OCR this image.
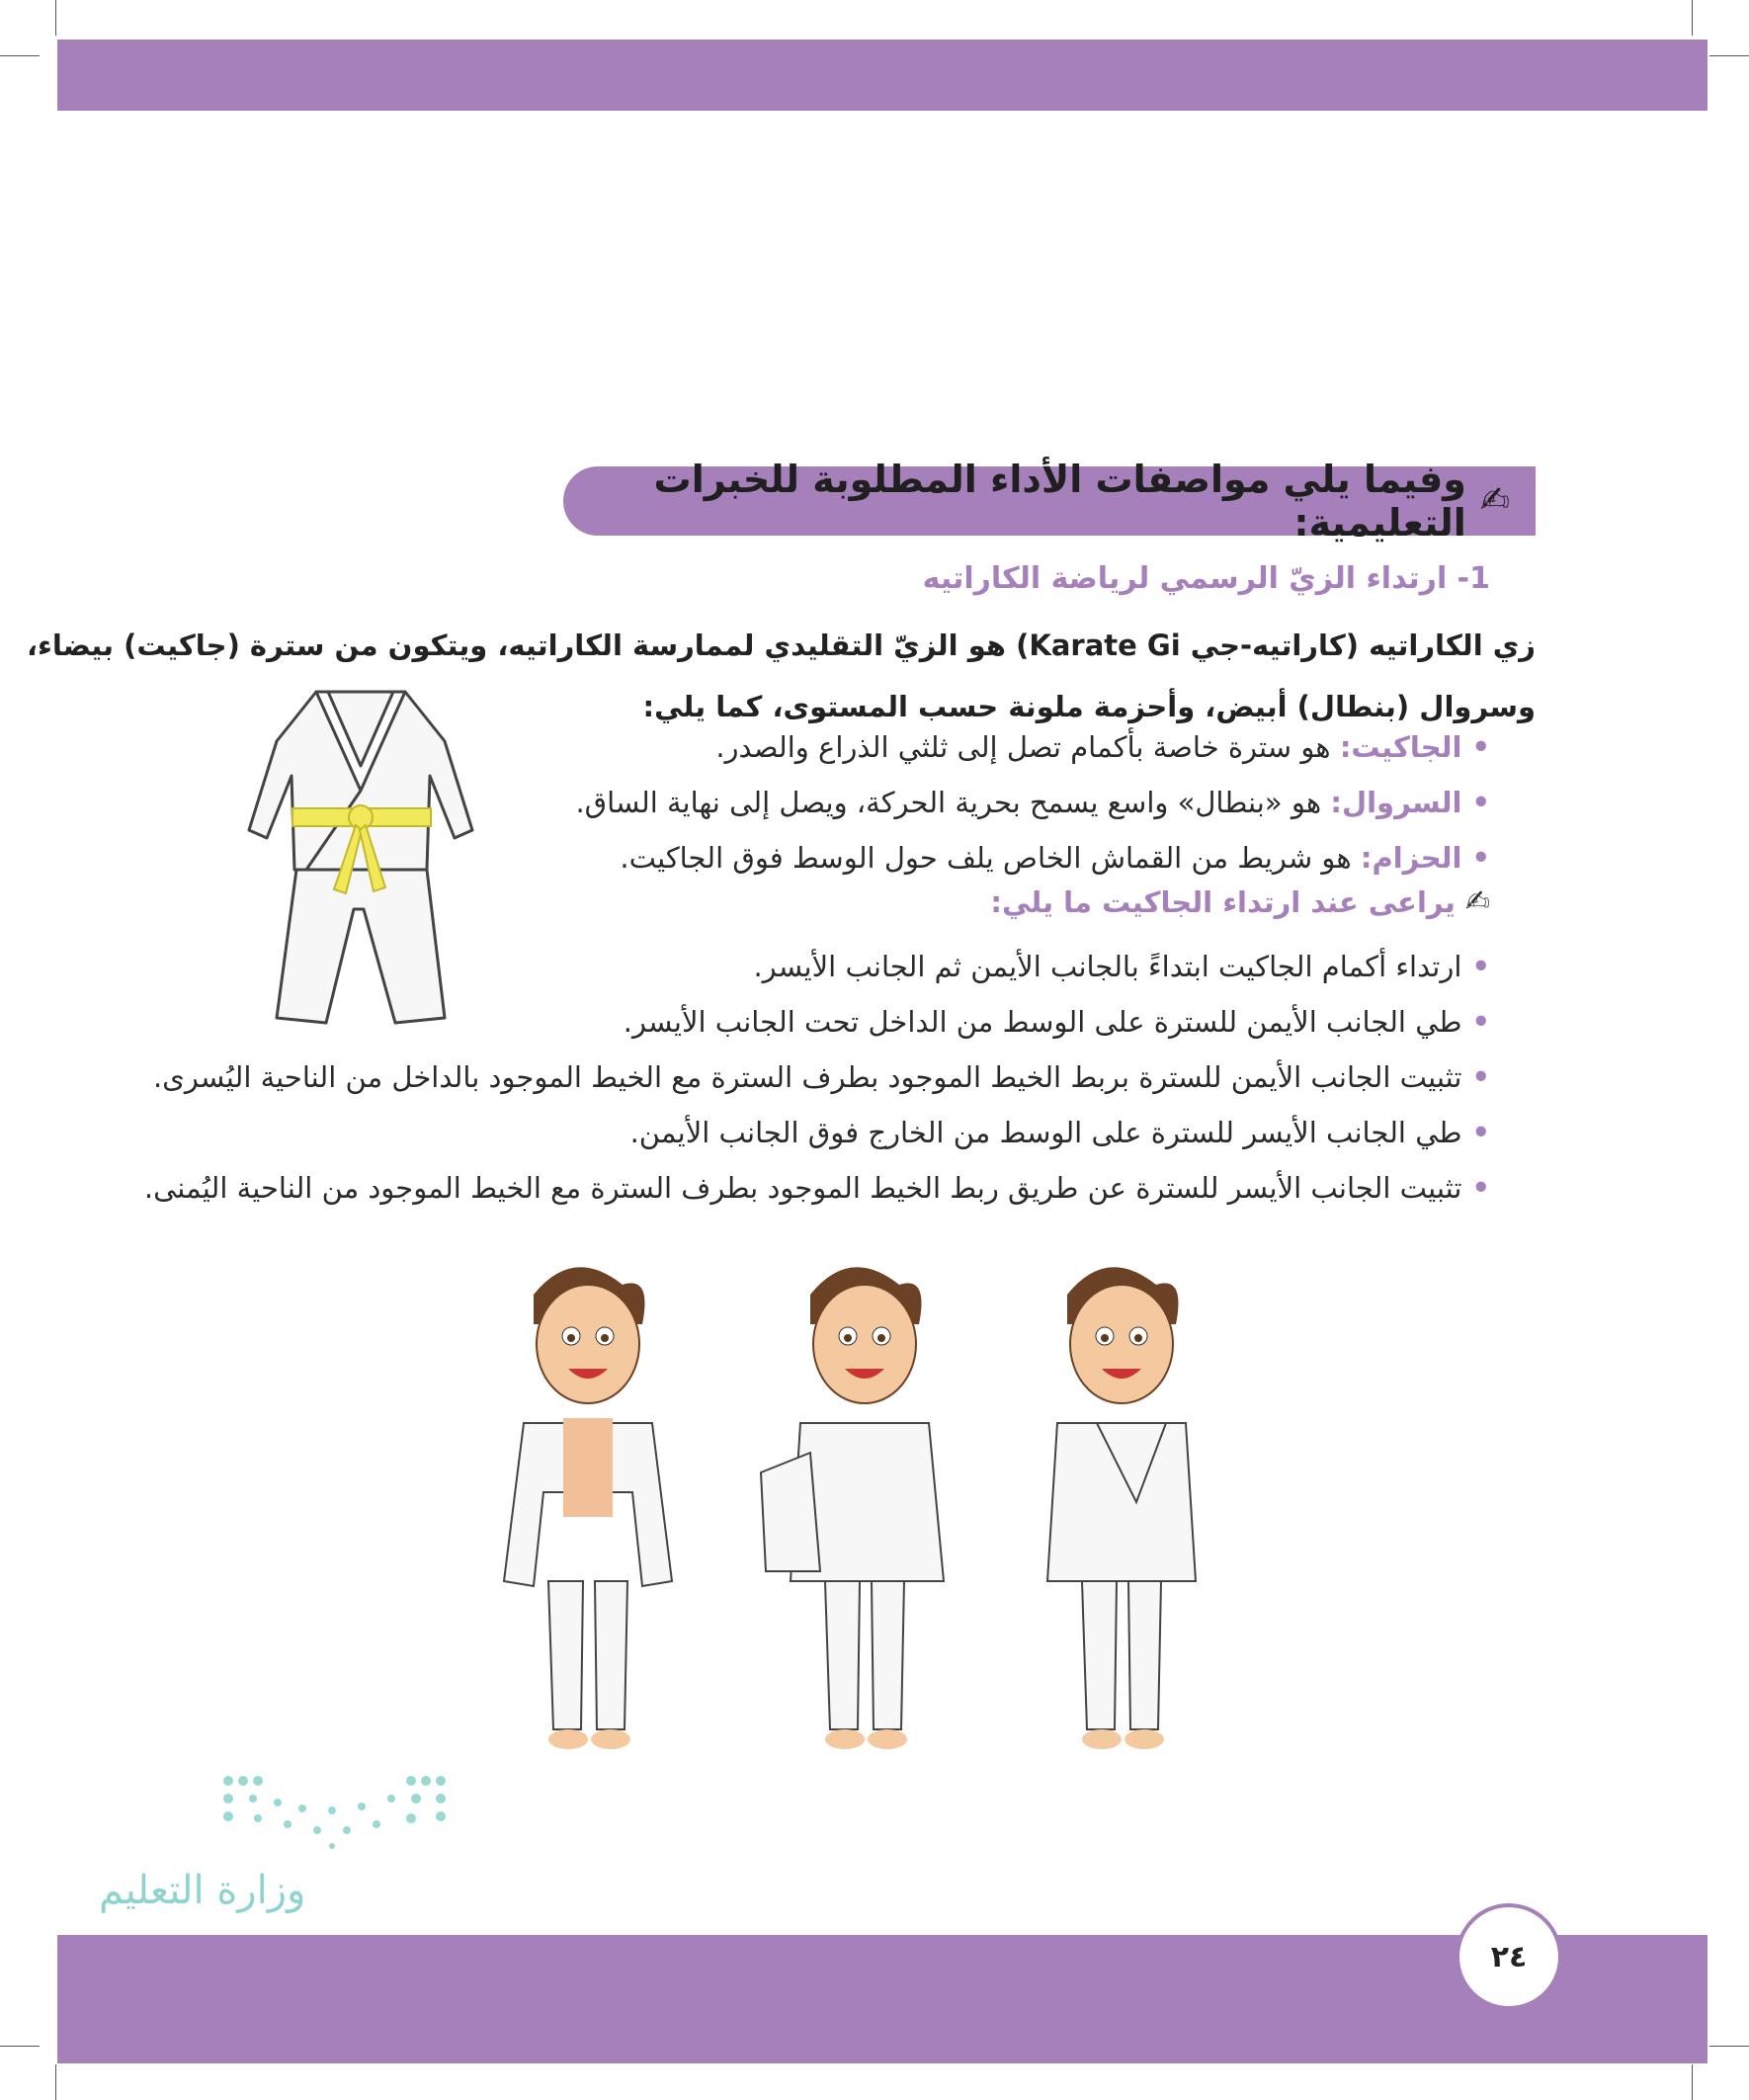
✍
وفيما يلي مواصفات الأداء المطلوبة للخبرات التعليمية:
1- ارتداء الزيّ الرسمي لرياضة الكاراتيه
زي الكاراتيه (كاراتيه-جي Karate Gi) هو الزيّ التقليدي لممارسة الكاراتيه، ويتكون من سترة (جاكيت) بيضاء،
وسروال (بنطال) أبيض، وأحزمة ملونة حسب المستوى، كما يلي:
•الجاكيت: هو سترة خاصة بأكمام تصل إلى ثلثي الذراع والصدر.
•السروال: هو «بنطال» واسع يسمح بحرية الحركة، ويصل إلى نهاية الساق.
•الحزام: هو شريط من القماش الخاص يلف حول الوسط فوق الجاكيت.
✍
يراعى عند ارتداء الجاكيت ما يلي:
•ارتداء أكمام الجاكيت ابتداءً بالجانب الأيمن ثم الجانب الأيسر.
•طي الجانب الأيمن للسترة على الوسط من الداخل تحت الجانب الأيسر.
•تثبيت الجانب الأيمن للسترة بربط الخيط الموجود بطرف السترة مع الخيط الموجود بالداخل من الناحية اليُسرى.
•طي الجانب الأيسر للسترة على الوسط من الخارج فوق الجانب الأيمن.
•تثبيت الجانب الأيسر للسترة عن طريق ربط الخيط الموجود بطرف السترة مع الخيط الموجود من الناحية اليُمنى.
وزارة التعليم
٢٤
